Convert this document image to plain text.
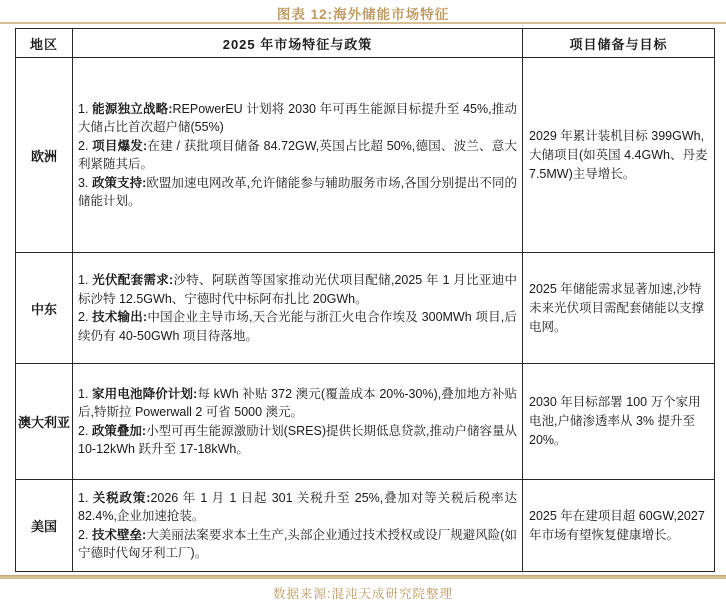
图表 12:海外储能市场特征
地区	2025 年市场特征与政策	项目储备与目标
欧洲	1. 能源独立战略:REPowerEU 计划将 2030 年可再生能源目标提升至 45%,推动大储占比首次超户储(55%)

2. 项目爆发:在建 / 获批项目储备 84.72GW,英国占比超 50%,德国、波兰、意大利紧随其后。

3. 政策支持:欧盟加速电网改革,允许储能参与辅助服务市场,各国分别提出不同的储能计划。	2029 年累计装机目标 399GWh,大储项目(如英国 4.4GWh、丹麦 7.5MW)主导增长。
中东	1. 光伏配套需求:沙特、阿联酋等国家推动光伏项目配储,2025 年 1 月比亚迪中标沙特 12.5GWh、宁德时代中标阿布扎比 20GWh。

2. 技术输出:中国企业主导市场,天合光能与浙江火电合作埃及 300MWh 项目,后续仍有 40-50GWh 项目待落地。	2025 年储能需求显著加速,沙特未来光伏项目需配套储能以支撑电网。
澳大利亚	1. 家用电池降价计划:每 kWh 补贴 372 澳元(覆盖成本 20%-30%),叠加地方补贴后,特斯拉 Powerwall 2 可省 5000 澳元。

2. 政策叠加:小型可再生能源激励计划(SRES)提供长期低息贷款,推动户储容量从 10-12kWh 跃升至 17-18kWh。	2030 年目标部署 100 万个家用电池,户储渗透率从 3% 提升至 20%。
美国	1. 关税政策:2026 年 1 月 1 日起 301 关税升至 25%,叠加对等关税后税率达 82.4%,企业加速抢装。

2. 技术壁垒:大美丽法案要求本土生产,头部企业通过技术授权或设厂规避风险(如宁德时代匈牙利工厂)。	2025 年在建项目超 60GW,2027 年市场有望恢复健康增长。
数据来源:混沌天成研究院整理
